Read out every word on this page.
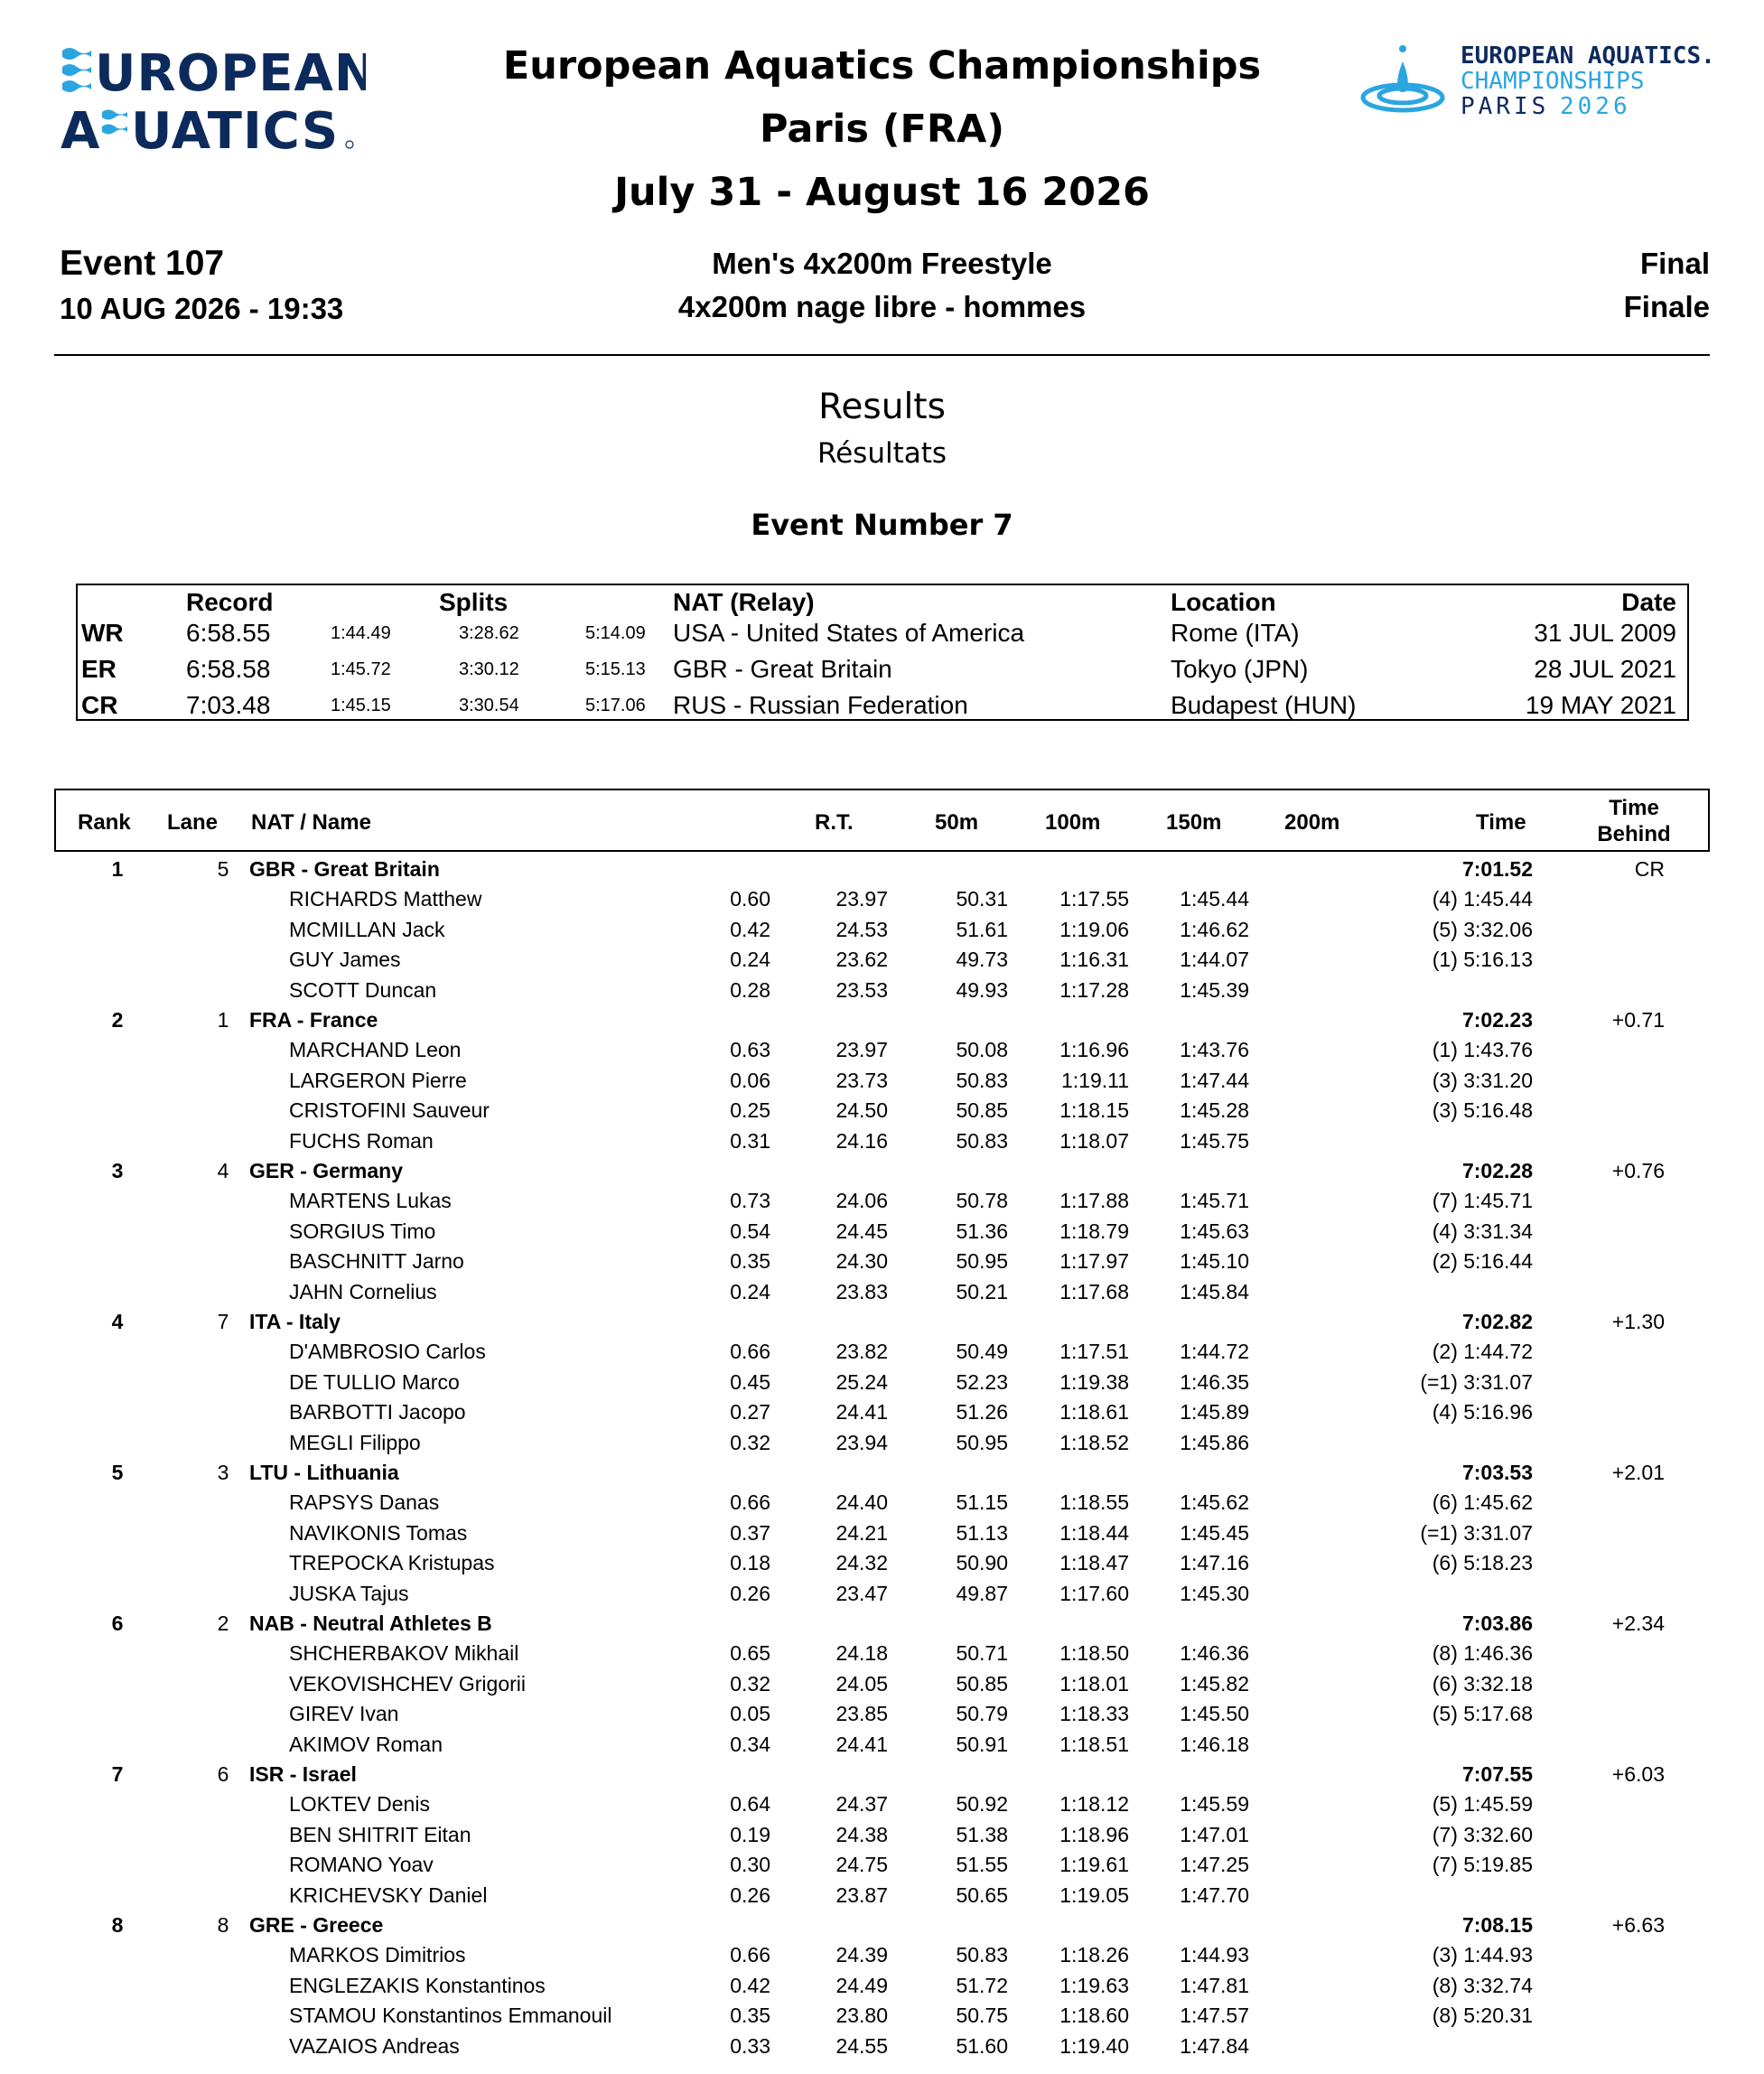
UROPEAN
A UATICS
EUROPEAN AQUATICS.
CHAMPIONSHIPS
PARIS 2026
European Aquatics Championships
Paris (FRA)
July 31 - August 16 2026
Event 107
10 AUG 2026 - 19:33
Men's 4x200m Freestyle
4x200m nage libre - hommes
Final
Finale
Results
Résultats
Event Number 7
Record	Splits	NAT (Relay)	Location	Date
WR 6:58.55	1:44.49	3:28.62	5:14.09 USA - United States of America	Rome (ITA)	31 JUL 2009
ER	6:58.58	1:45.72	3:30.12	5:15.13 GBR - Great Britain	Tokyo (JPN)	28 JUL 2021
CR	7:03.48	1:45.15	3:30.54	5:17.06 RUS - Russian Federation	Budapest (HUN)	19 MAY 2021
Rank Lane NAT / Name	R.T.	50m	100m	150m	200m	Time
Time
Behind
1	5 GBR - Great Britain	7:01.52	CR
RICHARDS Matthew	0.60	23.97	50.31 1:17.55 1:45.44	(4) 1:45.44
MCMILLAN Jack	0.42	24.53	51.61 1:19.06 1:46.62	(5) 3:32.06
GUY James	0.24	23.62	49.73 1:16.31 1:44.07	(1) 5:16.13
SCOTT Duncan	0.28	23.53	49.93 1:17.28 1:45.39
2	1 FRA - France	7:02.23	+0.71
MARCHAND Leon	0.63	23.97	50.08 1:16.96 1:43.76	(1) 1:43.76
LARGERON Pierre	0.06	23.73	50.83	1:19.11 1:47.44	(3) 3:31.20
CRISTOFINI Sauveur	0.25	24.50	50.85 1:18.15 1:45.28	(3) 5:16.48
FUCHS Roman	0.31	24.16	50.83 1:18.07 1:45.75
3	4 GER - Germany	7:02.28	+0.76
MARTENS Lukas	0.73	24.06	50.78 1:17.88 1:45.71	(7) 1:45.71
SORGIUS Timo	0.54	24.45	51.36 1:18.79 1:45.63	(4) 3:31.34
BASCHNITT Jarno	0.35	24.30	50.95 1:17.97 1:45.10	(2) 5:16.44
JAHN Cornelius	0.24	23.83	50.21 1:17.68 1:45.84
4	7 ITA - Italy	7:02.82	+1.30
D'AMBROSIO Carlos	0.66	23.82	50.49 1:17.51 1:44.72	(2) 1:44.72
DE TULLIO Marco	0.45	25.24	52.23 1:19.38 1:46.35	(=1) 3:31.07
BARBOTTI Jacopo	0.27	24.41	51.26 1:18.61 1:45.89	(4) 5:16.96
MEGLI Filippo	0.32	23.94	50.95 1:18.52 1:45.86
5	3 LTU - Lithuania	7:03.53	+2.01
RAPSYS Danas	0.66	24.40	51.15 1:18.55 1:45.62	(6) 1:45.62
NAVIKONIS Tomas	0.37	24.21	51.13 1:18.44 1:45.45	(=1) 3:31.07
TREPOCKA Kristupas	0.18	24.32	50.90 1:18.47 1:47.16	(6) 5:18.23
JUSKA Tajus	0.26	23.47	49.87 1:17.60 1:45.30
6	2 NAB - Neutral Athletes B	7:03.86	+2.34
SHCHERBAKOV Mikhail	0.65	24.18	50.71 1:18.50 1:46.36	(8) 1:46.36
VEKOVISHCHEV Grigorii	0.32	24.05	50.85 1:18.01 1:45.82	(6) 3:32.18
GIREV Ivan	0.05	23.85	50.79 1:18.33 1:45.50	(5) 5:17.68
AKIMOV Roman	0.34	24.41	50.91 1:18.51 1:46.18
7	6 ISR - Israel	7:07.55	+6.03
LOKTEV Denis	0.64	24.37	50.92 1:18.12 1:45.59	(5) 1:45.59
BEN SHITRIT Eitan	0.19	24.38	51.38 1:18.96 1:47.01	(7) 3:32.60
ROMANO Yoav	0.30	24.75	51.55 1:19.61 1:47.25	(7) 5:19.85
KRICHEVSKY Daniel	0.26	23.87	50.65 1:19.05 1:47.70
8	8 GRE - Greece	7:08.15	+6.63
MARKOS Dimitrios	0.66	24.39	50.83 1:18.26 1:44.93	(3) 1:44.93
ENGLEZAKIS Konstantinos	0.42	24.49	51.72 1:19.63 1:47.81	(8) 3:32.74
STAMOU Konstantinos Emmanouil	0.35	23.80	50.75 1:18.60 1:47.57	(8) 5:20.31
VAZAIOS Andreas	0.33	24.55	51.60 1:19.40 1:47.84
